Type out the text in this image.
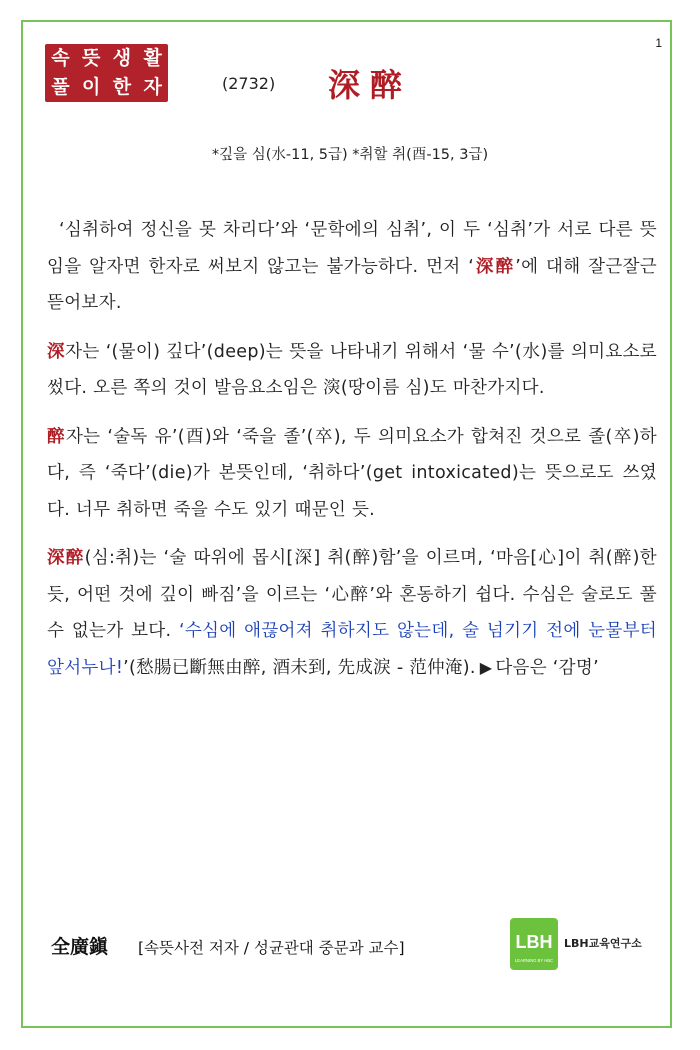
1
속 뜻 생 활
풀 이 한 자	(2732) 深醉
*깊을 심(水-11, 5급) *취할 취(酉-15, 3급)

‘심취하여 정신을 못 차리다’와 ‘문학에의 심취’, 이 두 ‘심취’가 서로 다른 뜻임을 알자면 한자로 써보지 않고는 불가능하다. 먼저 ‘深醉’에 대해 잘근잘근 뜯어보자.

深자는 ‘(물이) 깊다’(deep)는 뜻을 나타내기 위해서 ‘물 수’(水)를 의미요소로 썼다. 오른 쪽의 것이 발음요소임은 㴱(땅이름 심)도 마찬가지다.

醉자는 ‘술독 유’(酉)와 ‘죽을 졸’(卒), 두 의미요소가 합쳐진 것으로 졸(卒)하다, 즉 ‘죽다’(die)가 본뜻인데, ‘취하다’(get intoxicated)는 뜻으로도 쓰였다. 너무 취하면 죽을 수도 있기 때문인 듯.

深醉(심:취)는 ‘술 따위에 몹시[深] 취(醉)함’을 이르며, ‘마음[心]이 취(醉)한 듯, 어떤 것에 깊이 빠짐’을 이르는 ‘心醉’와 혼동하기 쉽다. 수심은 술로도 풀 수 없는가 보다. ‘수심에 애끊어져 취하지도 않는데, 술 넘기기 전에 눈물부터 앞서누나!’(愁腸已斷無由醉, 酒未到, 先成淚 - 范仲淹). ▶ 다음은 ‘감명’

全廣鎭 [속뜻사전 저자 / 성균관대 중문과 교수]	LBH
LEARNING BY HBC
LBH교육연구소
